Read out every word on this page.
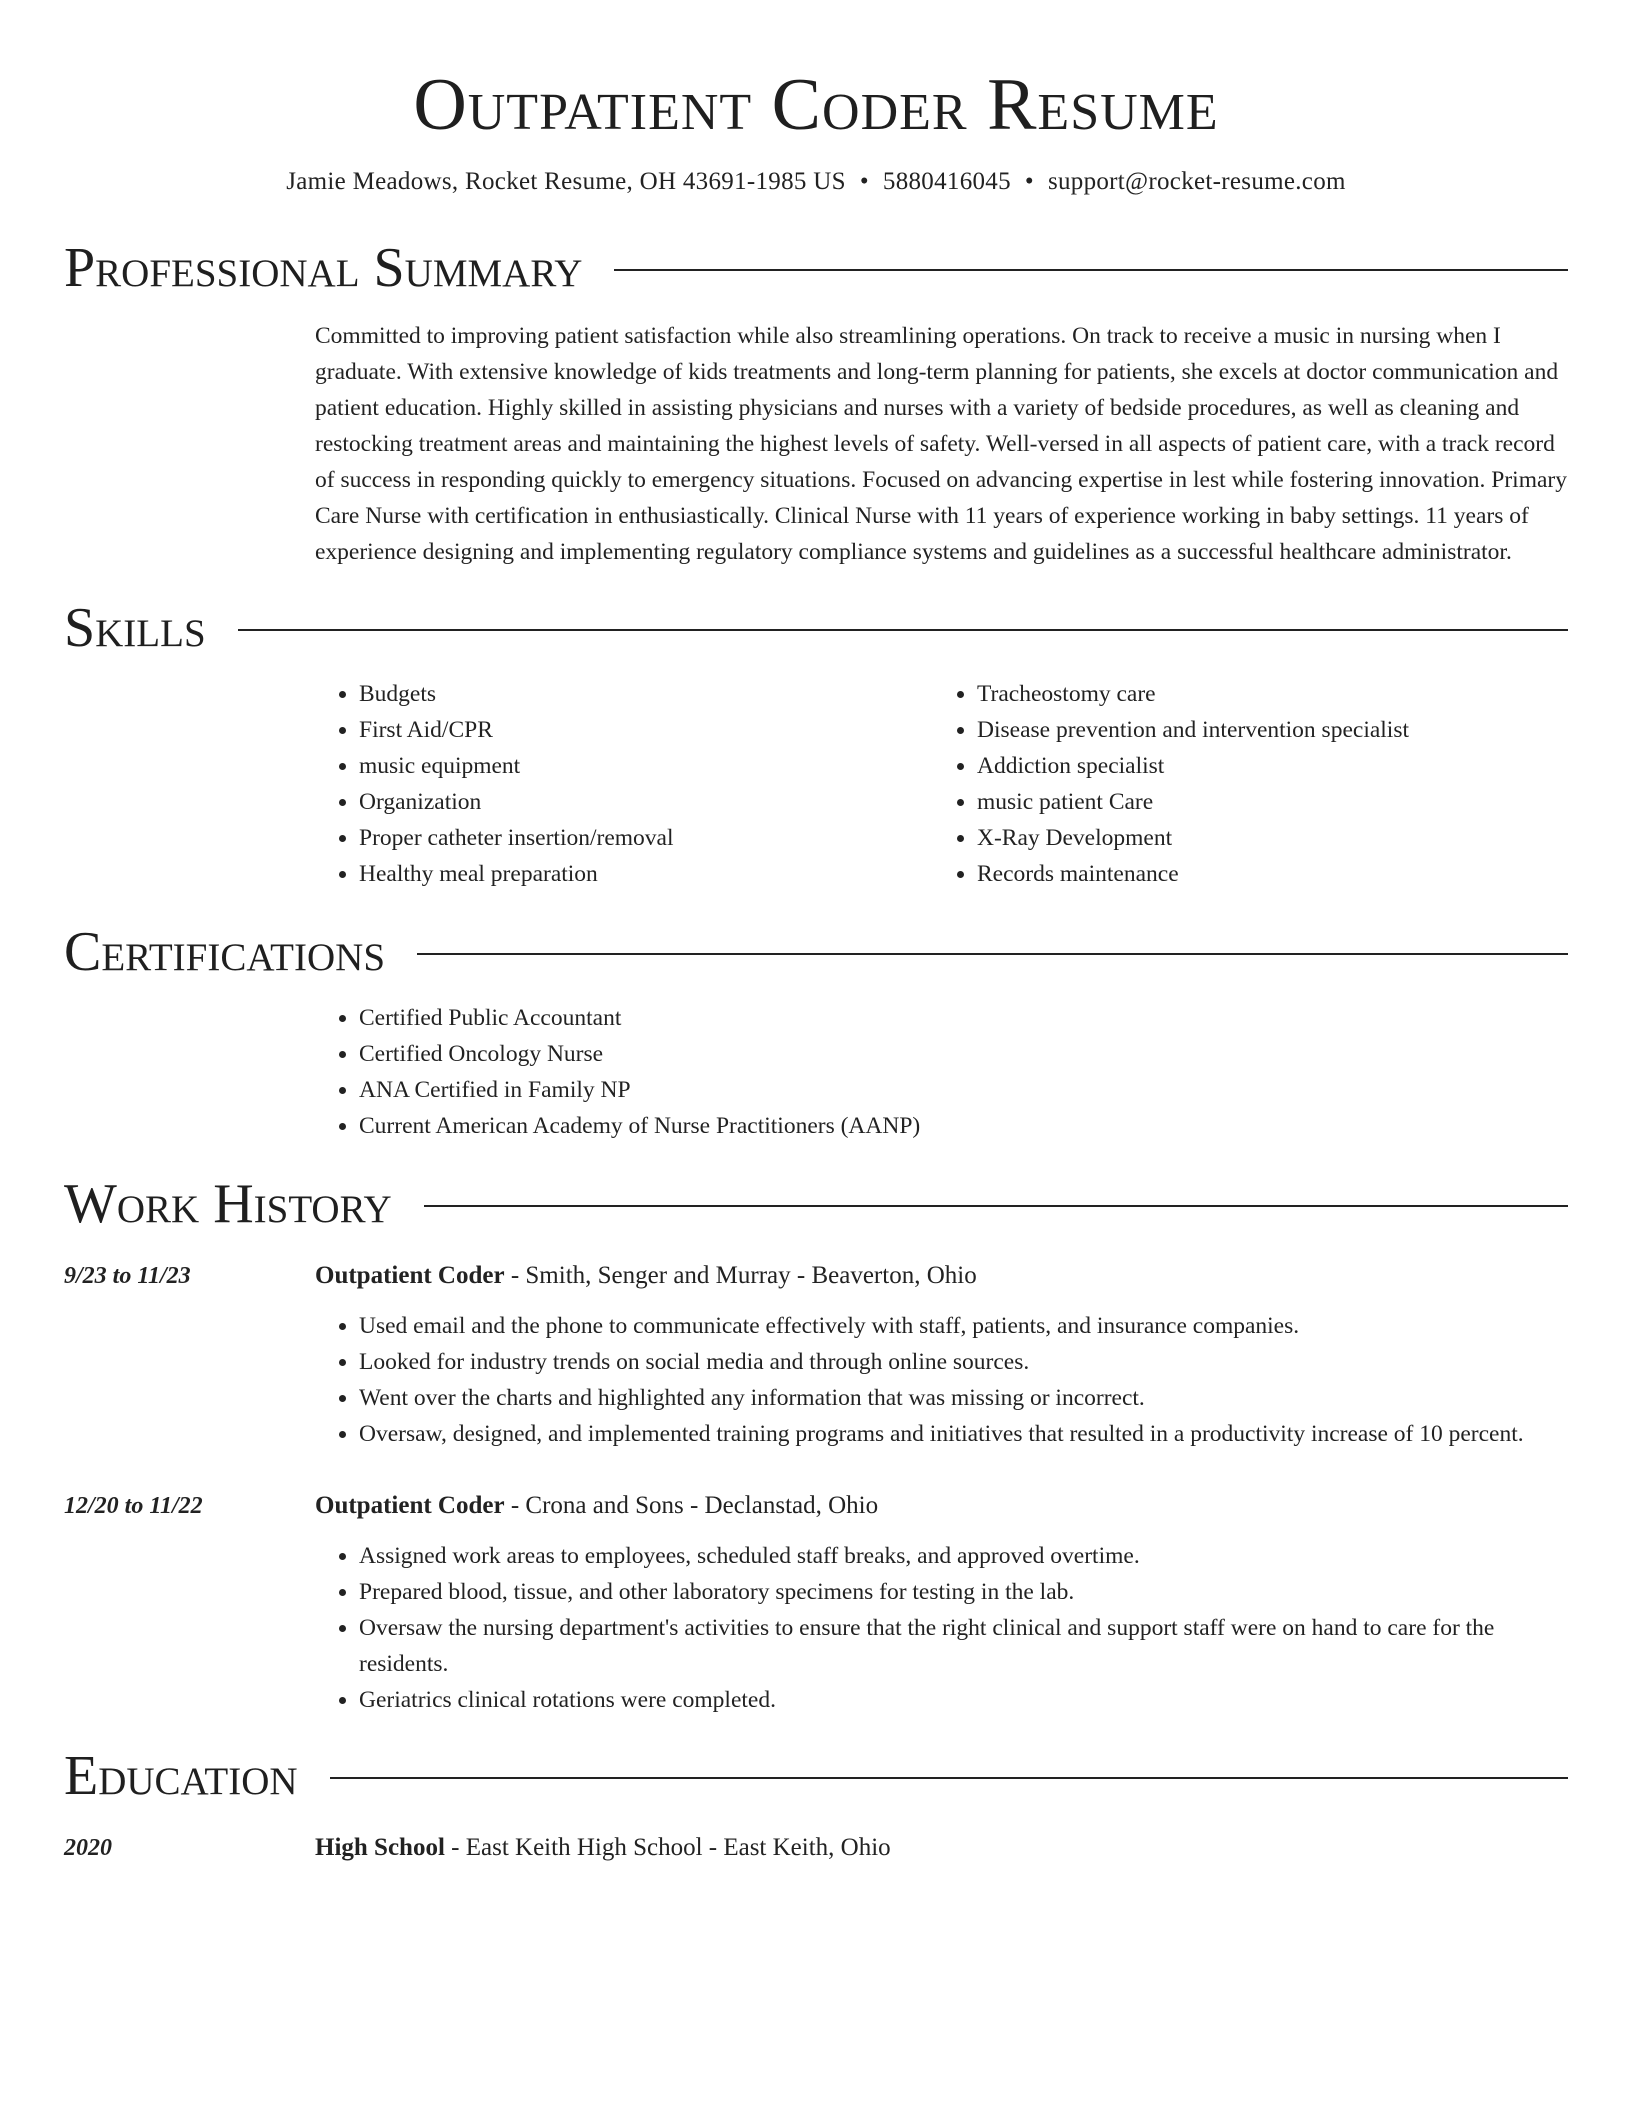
Outpatient Coder Resume
Jamie Meadows, Rocket Resume, OH 43691-1985 US • 5880416045 • support@rocket-resume.com
Professional Summary
Committed to improving patient satisfaction while also streamlining operations. On track to receive a music in nursing when I graduate. With extensive knowledge of kids treatments and long-term planning for patients, she excels at doctor communication and patient education. Highly skilled in assisting physicians and nurses with a variety of bedside procedures, as well as cleaning and restocking treatment areas and maintaining the highest levels of safety. Well-versed in all aspects of patient care, with a track record of success in responding quickly to emergency situations. Focused on advancing expertise in lest while fostering innovation. Primary Care Nurse with certification in enthusiastically. Clinical Nurse with 11 years of experience working in baby settings. 11 years of experience designing and implementing regulatory compliance systems and guidelines as a successful healthcare administrator.
Skills
• Budgets
• First Aid/CPR
• music equipment
• Organization
• Proper catheter insertion/removal
• Healthy meal preparation
• Tracheostomy care
• Disease prevention and intervention specialist
• Addiction specialist
• music patient Care
• X-Ray Development
• Records maintenance
Certifications
• Certified Public Accountant
• Certified Oncology Nurse
• ANA Certified in Family NP
• Current American Academy of Nurse Practitioners (AANP)
Work History
9/23 to 11/23	Outpatient Coder - Smith, Senger and Murray - Beaverton, Ohio
• Used email and the phone to communicate effectively with staff, patients, and insurance companies.
• Looked for industry trends on social media and through online sources.
• Went over the charts and highlighted any information that was missing or incorrect.
• Oversaw, designed, and implemented training programs and initiatives that resulted in a productivity increase of 10 percent.
12/20 to 11/22	Outpatient Coder - Crona and Sons - Declanstad, Ohio
• Assigned work areas to employees, scheduled staff breaks, and approved overtime.
• Prepared blood, tissue, and other laboratory specimens for testing in the lab.
• Oversaw the nursing department's activities to ensure that the right clinical and support staff were on hand to care for the residents.
• Geriatrics clinical rotations were completed.
Education
2020	High School - East Keith High School - East Keith, Ohio
